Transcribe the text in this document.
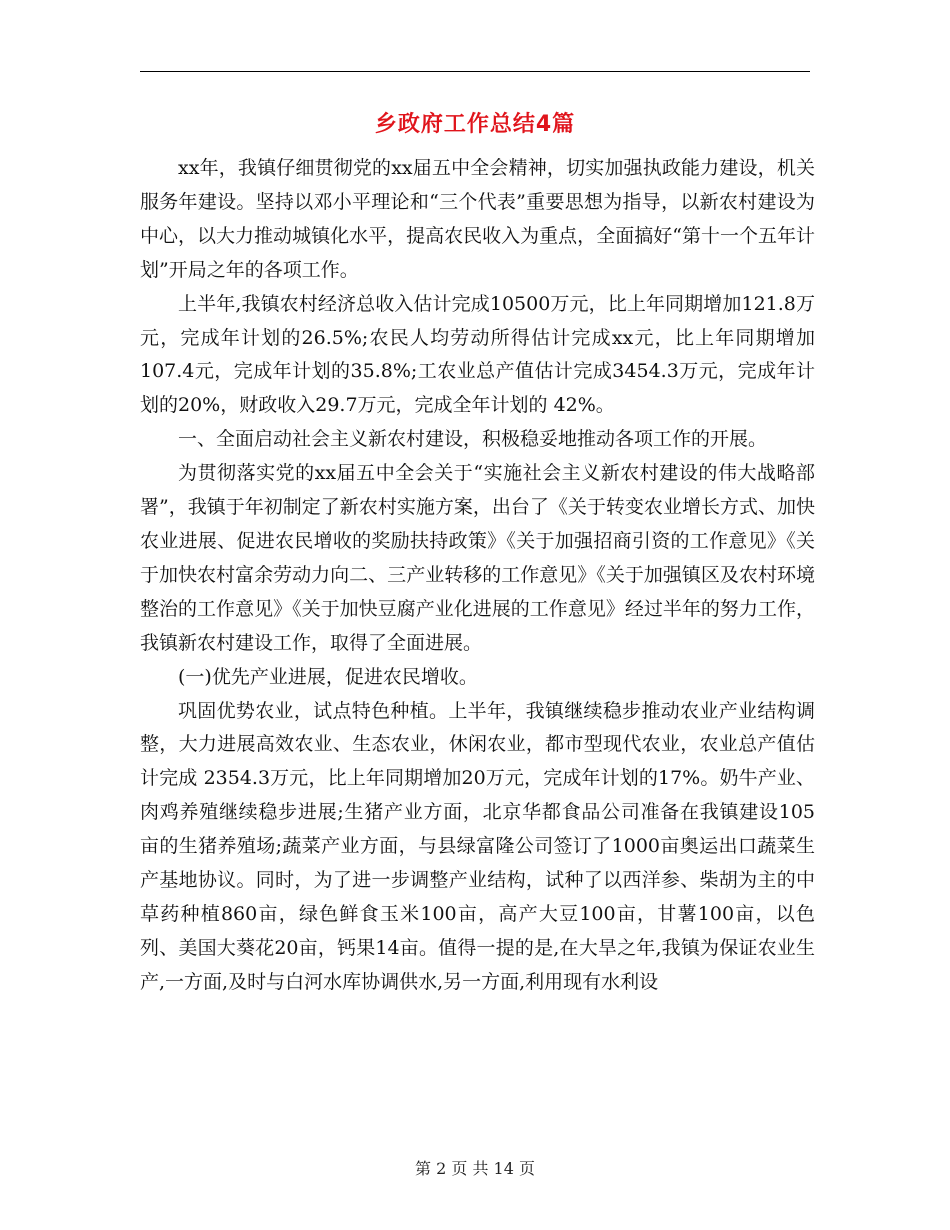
乡政府工作总结4篇

xx年，我镇仔细贯彻党的xx届五中全会精神，切实加强执政能力建设，机关服务年建设。坚持以邓小平理论和“三个代表”重要思想为指导，以新农村建设为中心，以大力推动城镇化水平，提高农民收入为重点，全面搞好“第十一个五年计划”开局之年的各项工作。

上半年,我镇农村经济总收入估计完成10500万元，比上年同期增加121.8万元，完成年计划的26.5%;农民人均劳动所得估计完成xx元，比上年同期增加107.4元，完成年计划的35.8%;工农业总产值估计完成3454.3万元，完成年计划的20%，财政收入29.7万元，完成全年计划的 42%。

一、全面启动社会主义新农村建设，积极稳妥地推动各项工作的开展。

为贯彻落实党的xx届五中全会关于“实施社会主义新农村建设的伟大战略部署”，我镇于年初制定了新农村实施方案，出台了《关于转变农业增长方式、加快农业进展、促进农民增收的奖励扶持政策》《关于加强招商引资的工作意见》《关于加快农村富余劳动力向二、三产业转移的工作意见》《关于加强镇区及农村环境整治的工作意见》《关于加快豆腐产业化进展的工作意见》经过半年的努力工作，我镇新农村建设工作，取得了全面进展。

(一)优先产业进展，促进农民增收。

巩固优势农业，试点特色种植。上半年，我镇继续稳步推动农业产业结构调整，大力进展高效农业、生态农业，休闲农业，都市型现代农业，农业总产值估计完成 2354.3万元，比上年同期增加20万元，完成年计划的17%。奶牛产业、肉鸡养殖继续稳步进展;生猪产业方面，北京华都食品公司准备在我镇建设105 亩的生猪养殖场;蔬菜产业方面，与县绿富隆公司签订了1000亩奥运出口蔬菜生产基地协议。同时，为了进一步调整产业结构，试种了以西洋参、柴胡为主的中草药种植860亩，绿色鲜食玉米100亩，高产大豆100亩，甘薯100亩，以色列、美国大葵花20亩，钙果14亩。值得一提的是,在大旱之年,我镇为保证农业生产,一方面,及时与白河水库协调供水,另一方面,利用现有水利设

第 2 页 共 14 页
